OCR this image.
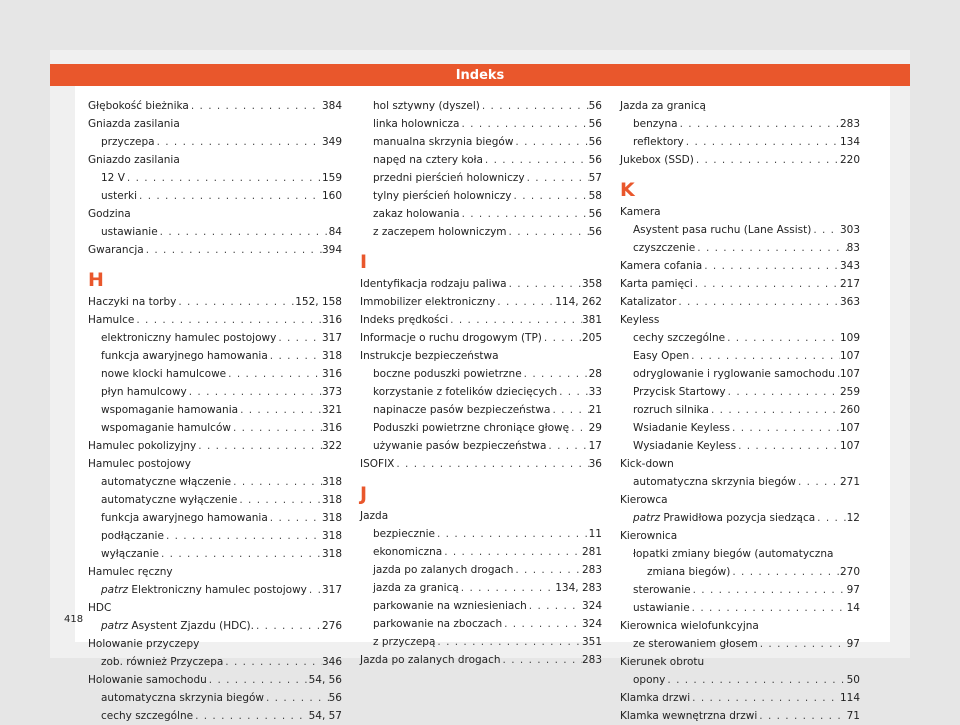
Indeks
Głębokość bieżnika . . .	384
Gniazda zasilania
przyczepa . . .	349
Gniazdo zasilania
12 V . . .	159
usterki . . .	160
Godzina
ustawianie . . .	84
Gwarancja . . .	394
H
Haczyki na torby . . .	152, 158
Hamulce . . .	316
elektroniczny hamulec postojowy . . .	317
funkcja awaryjnego hamowania . . .	318
nowe klocki hamulcowe . . .	316
płyn hamulcowy . . .	373
wspomaganie hamowania . . .	321
wspomaganie hamulców . . .	316
Hamulec pokolizyjny . . .	322
Hamulec postojowy
automatyczne włączenie . . .	318
automatyczne wyłączenie . . .	318
funkcja awaryjnego hamowania . . .	318
podłączanie . . .	318
wyłączanie . . .	318
Hamulec ręczny
patrz Elektroniczny hamulec postojowy . . . 317
HDC
patrz Asystent Zjazdu (HDC). . . .	276
Holowanie przyczepy
zob. również Przyczepa . . .	346
Holowanie samochodu . . .	54, 56
automatyczna skrzynia biegów . . .	56
cechy szczególne . . .	54, 57
hol sztywny (dyszel) . . .	56
linka holownicza . . .	56
manualna skrzynia biegów . . .	56
napęd na cztery koła . . .	56
przedni pierścień holowniczy . . .	57
tylny pierścień holowniczy . . .	58
zakaz holowania . . .	56
z zaczepem holowniczym . . .	56
I
Identyfikacja rodzaju paliwa . . .	358
Immobilizer elektroniczny . . .	114, 262
Indeks prędkości . . .	381
Informacje o ruchu drogowym (TP) . . .	205
Instrukcje bezpieczeństwa
boczne poduszki powietrzne . . .	28
korzystanie z fotelików dziecięcych . . .	33
napinacze pasów bezpieczeństwa . . .	21
Poduszki powietrzne chroniące głowę . . . 29
używanie pasów bezpieczeństwa . . .	17
ISOFIX . . .	36
J
Jazda
bezpiecznie . . .	11
ekonomiczna . . .	281
jazda po zalanych drogach . . .	283
jazda za granicą . . .	134, 283
parkowanie na wzniesieniach . . .	324
parkowanie na zboczach . . .	324
z przyczepą . . .	351
Jazda po zalanych drogach . . .	283
Jazda za granicą
benzyna . . .	283
reflektory . . .	134
Jukebox (SSD) . . .	220
K
Kamera
Asystent pasa ruchu (Lane Assist) . . .	303
czyszczenie . . .	83
Kamera cofania . . .	343
Karta pamięci . . .	217
Katalizator . . .	363
Keyless
cechy szczególne . . .	109
Easy Open . . .	107
odryglowanie i ryglowanie samochodu . . . 107
Przycisk Startowy . . .	259
rozruch silnika . . .	260
Wsiadanie Keyless . . .	107
Wysiadanie Keyless . . .	107
Kick-down
automatyczna skrzynia biegów . . .	271
Kierowca
patrz Prawidłowa pozycja siedząca . . .	12
Kierownica
łopatki zmiany biegów (automatyczna
zmiana biegów) . . .	270
sterowanie . . .	97
ustawianie . . .	14
Kierownica wielofunkcyjna
ze sterowaniem głosem . . .	97
Kierunek obrotu
opony . . .	50
Klamka drzwi . . .	114
Klamka wewnętrzna drzwi . . .	71
418
